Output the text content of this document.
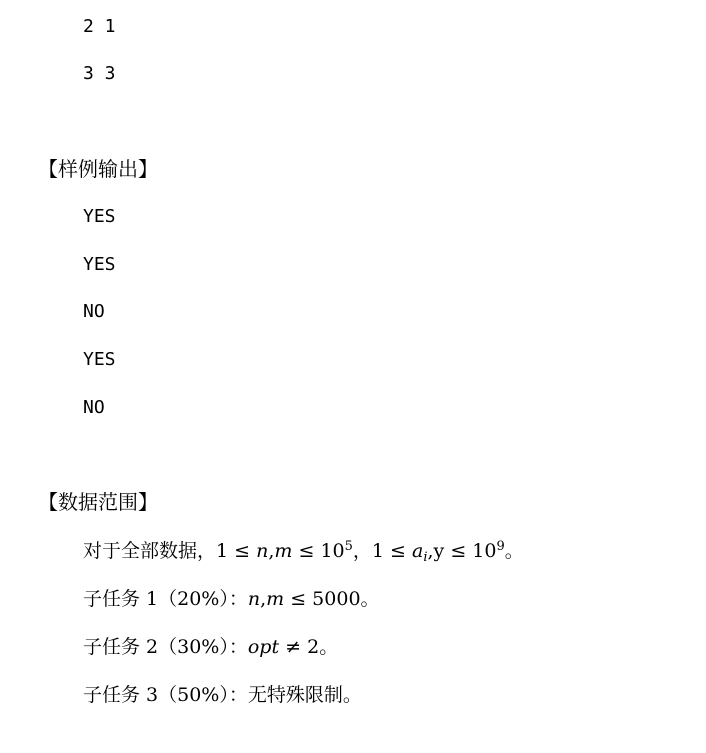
2 1
3 3
【样例输出】
YES
YES
NO
YES
NO
【数据范围】
对于全部数据，$1 \le n,m \le 10^5$，$1 \le a_i,y \le 10^9$。
子任务 1（20%）：n,m ≤ 5000。
子任务 2（30%）：opt ≠ 2。
子任务 3（50%）：无特殊限制。
